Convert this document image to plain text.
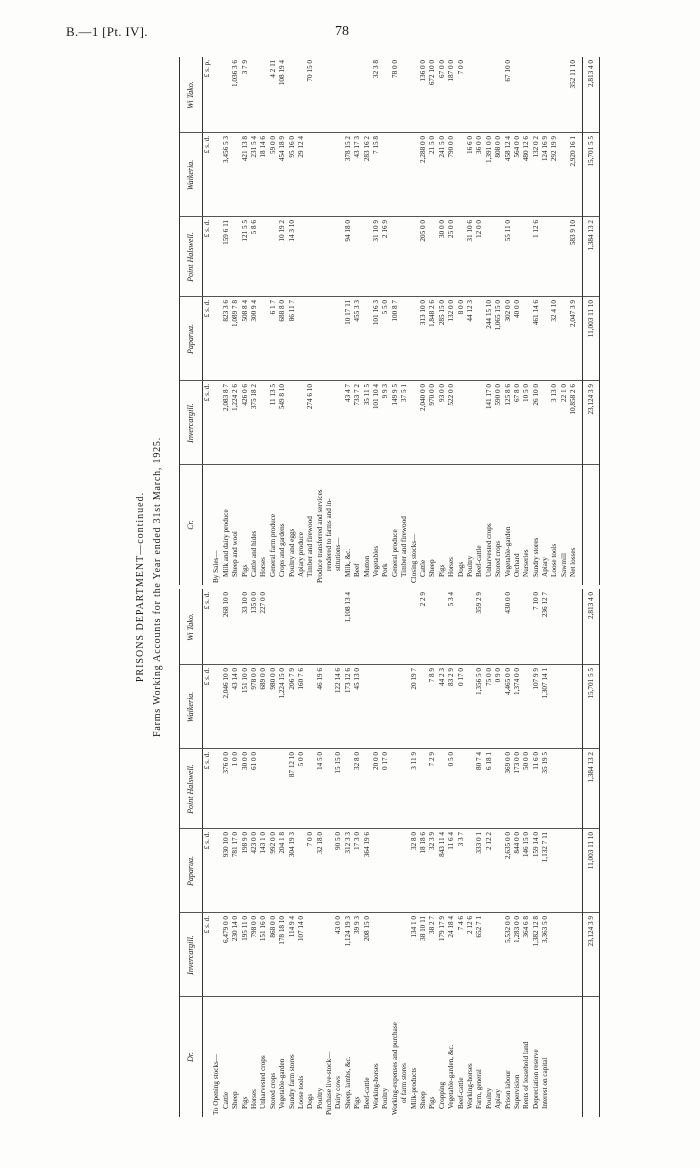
B.—1 [Pt. IV].	78
PRISONS DEPARTMENT—continued. Farms Working Accounts for the Year ended 31st March, 1925.
Dr.
Invercargill.
Paparua.
Point Halswell.
Waikeria.
Wi Tako.
£ s. d.
£ s. d.
£ s. d.
£ s. d.
£ s. d.
To Opening stocks— Cattle
6,479 0 0
930 10 0
376 0 0
2,046 10 0
268 10 0
Sheep
230 14 0
781 17 0
1 0 0
43 14 0
Pigs
195 11 0
198 9 0
30 0 0
151 10 0
33 10 0
Horses
798 0 0
423 0 0
61 0 0
978 0 0
135 0 0
Unharvested crops
151 16 0
143 1 0
689 0 0
227 0 0
Stored crops
868 0 0
992 0 0
980 0 0
Vegetable-garden
178 18 10
204 1 8
1,224 15 0
Sundry farm stores
114 9 4
304 19 3
87 12 10
206 7 9
Loose tools
107 14 0
5 0 0
160 7 6
Dogs
7 0 0
Poultry
32 18 0
14 5 0
46 19 6
Purchase live-stock— Dairy cows
43 0 0
90 5 0
15 15 0
122 14 6
Sheep, lambs, &c.
1,124 19 3
312 3 3
173 12 6
1,108 13 4
Pigs
39 9 3
17 3 0
32 8 0
45 13 0
Beef-cattle
208 15 0
364 19 6
Working-horses
20 0 0
Poultry
0 17 0
Working-expenses and purchase of farm stores Milk-products
134 1 0
32 8 0
3 11 9
20 19 7
Sheep
38 10 11
18 18 6
2 2 9
Pigs
38 2 7
32 3 9
7 2 9
7 8 9
Cropping
179 17 9
843 11 4
44 2 3
Vegetable-garden, &c.
24 18 4
11 6 4
0 5 0
83 2 9
5 3 4
Beef-cattle
7 4 6
3 3 7
0 17 0
Working-horses
2 12 6
Farm, general
652 7 1
333 0 1
80 7 4
1,356 5 0
359 2 9
Poultry
2 12 2
6 18 1
75 0 0
Apiary
0 9 0
Prison labour
5,532 0 0
2,635 0 0
369 0 0
4,465 0 0
430 0 0
Supervision
1,283 0 0
844 0 0
173 0 0
1,374 0 0
Rents of leasehold land
364 6 8
146 15 0
50 0 0
Depreciation reserve
1,382 12 8
159 14 0
11 6 0
107 9 9
7 10 0
Interest on capital
3,363 5 0
1,132 7 11
35 19 5
1,307 14 1
236 12 7
23,124 3 9
11,003 11 10
1,384 13 2
15,701 5 5
2,813 4 0
Cr.
Invercargill.
Paparua.
Point Halswell.
Waikeria.
Wi Tako.
£ s. d.
£ s. d.
£ s. d.
£ s. d.
£ s. p.
By Sales— Milk and dairy produce
2,083 8 7
823 3 6
159 6 11
3,456 5 3
Sheep and wool
1,224 2 6
1,089 7 8
1,036 3 6
Pigs
426 0 6
508 8 4
121 5 5
421 13 8
3 7 9
Cattle and hides
375 18 2
300 9 4
5 8 6
231 5 4
Horses
18 14 6
General farm produce
11 13 5
6 1 7
59 0 0
4 2 11
Crops and gardens
549 8 10
688 8 0
10 19 2
454 18 9
108 19 4
Poultry and eggs
86 11 7
14 3 10
95 16 0
Apiary produce
29 12 4
Timber and firewood
274 6 10
70 15 0
Produce transferred and services rendered to farms and in- stitutions— Milk, &c.
43 4 7
10 17 11
94 18 0
378 15 2
Beef
733 7 2
455 3 3
43 17 3
Mutton
35 11 5
283 16 2
Vegetables
101 10 4
101 16 3
31 10 9
7 15 8
32 3 8
Pork
9 9 3
5 5 0
2 16 9
General produce
149 9 5
100 8 7
78 0 0
Timber and firewood
37 5 1
Closing stocks— Cattle
2,040 0 0
313 10 0
205 0 0
2,288 0 0
136 0 0
Sheep
970 0 0
1,848 2 6
21 5 0
672 10 0
Pigs
93 0 0
285 15 0
30 0 0
241 5 0
67 0 0
Horses
522 0 0
132 0 0
25 0 0
790 0 0
187 0 0
Dogs
8 0 0
7 0 0
Poultry
44 12 3
31 10 6
16 6 0
Beef-cattle
12 0 0
36 0 0
Unharvested crops
141 17 0
244 15 10
1,391 0 0
Stored crops
590 0 0
1,065 15 0
808 0 0
Vegetable-garden
125 8 6
302 0 0
55 11 0
458 12 4
67 10 0
Orchard
67 8 0
40 0 0
564 0 0
Nurseries
10 5 0
480 12 6
Sundry stores
26 10 0
461 14 6
1 12 6
132 0 2
Apiary
124 16 9
Loose tools
3 13 0
32 4 10
292 19 9
Sawmill
22 1 0
Net losses
10,858 2 6
2,047 3 9
583 9 10
2,920 16 1
352 11 10
23,124 3 9
11,003 11 10
1,384 13 2
15,701 5 5
2,813 4 0
